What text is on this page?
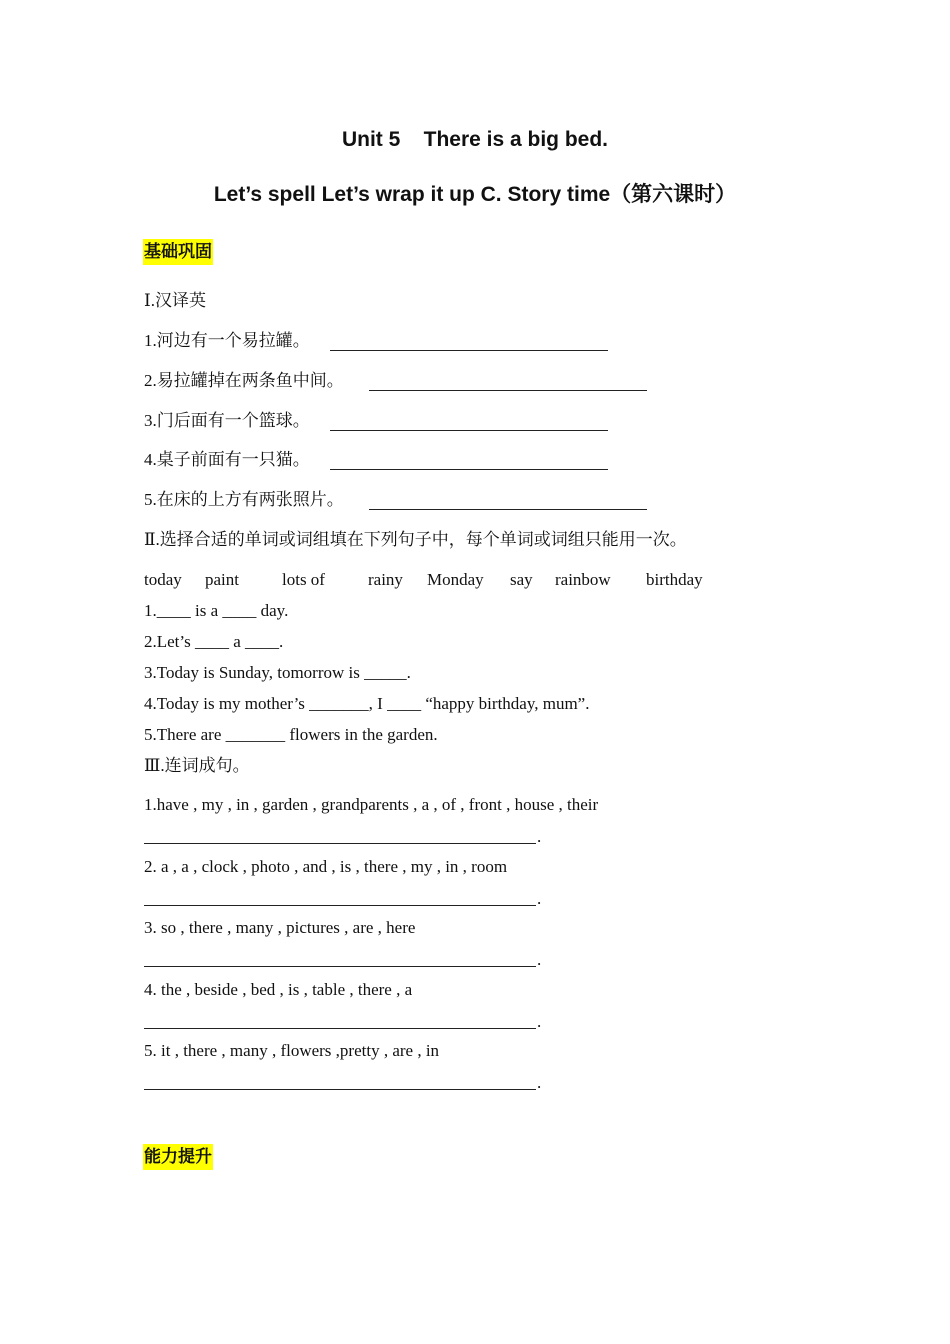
Unit 5    There is a big bed.
Let’s spell Let’s wrap it up C. Story time（第六课时）
基础巩固
Ⅰ.汉译英
1.河边有一个易拉罐。
2.易拉罐掉在两条鱼中间。
3.门后面有一个篮球。
4.桌子前面有一只猫。
5.在床的上方有两张照片。
Ⅱ.选择合适的单词或词组填在下列句子中，每个单词或词组只能用一次。
today paint	lots of	rainy Monday say rainbow birthday
1.____ is a ____ day.
2.Let’s ____ a ____.
3.Today is Sunday, tomorrow is _____.
4.Today is my mother’s _______, I ____ “happy birthday, mum”.
5.There are _______ flowers in the garden.
Ⅲ.连词成句。
1.have , my , in , garden , grandparents , a , of , front , house , their
.
2. a , a , clock , photo , and , is , there , my , in , room
.
3. so , there , many , pictures , are , here
.
4. the , beside , bed , is , table , there , a
.
5. it , there , many , flowers ,pretty , are , in
.
能力提升
